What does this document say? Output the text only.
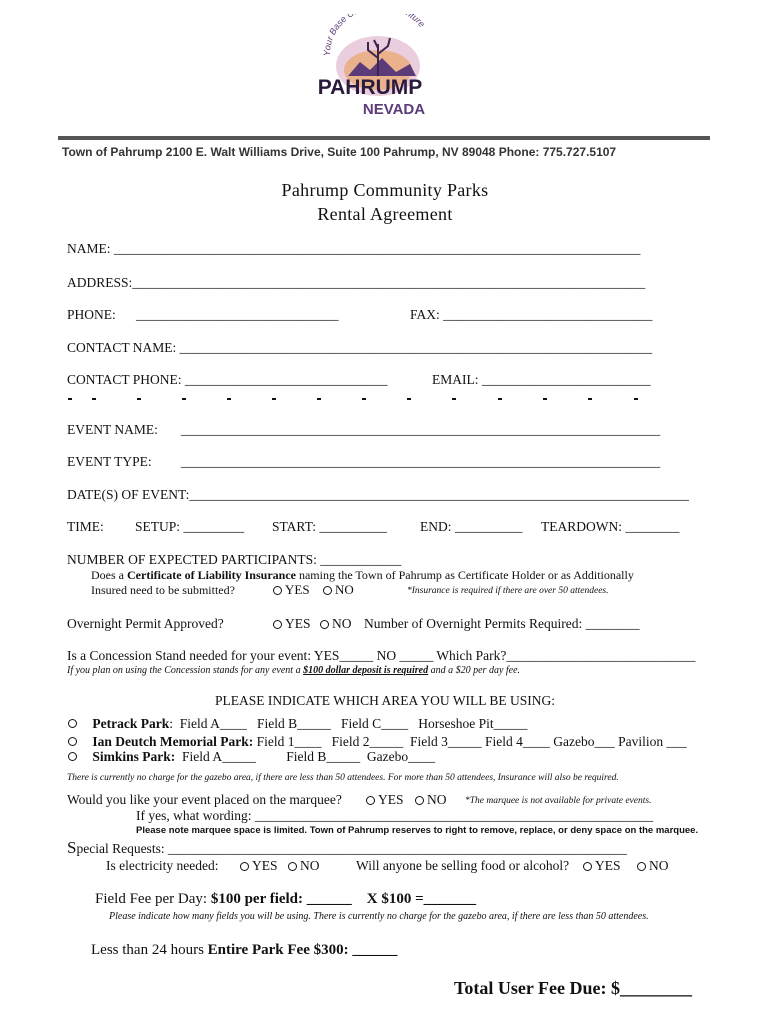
Your Base ture
PAHRUMP
NEVADA
Town of Pahrump 2100 E. Walt Williams Drive, Suite 100 Pahrump, NV 89048 Phone: 775.727.5107
Pahrump Community Parks
Rental Agreement
NAME: ______________________________________________________________________________
ADDRESS:____________________________________________________________________________
PHONE: ______________________________	FAX: _______________________________
CONTACT NAME: ______________________________________________________________________
CONTACT PHONE: ______________________________	EMAIL: _________________________
EVENT NAME: _______________________________________________________________________
EVENT TYPE: _______________________________________________________________________
DATE(S) OF EVENT:__________________________________________________________________________
TIME: SETUP: _________ START: __________ END: __________ TEARDOWN: ________
NUMBER OF EXPECTED PARTICIPANTS: ____________
Does a Certificate of Liability Insurance naming the Town of Pahrump as Certificate Holder or as Additionally
Insured need to be submitted?	YES	NO	*Insurance is required if there are over 50 attendees.
Overnight Permit Approved?	YES	NO Number of Overnight Permits Required: ________
Is a Concession Stand needed for your event: YES_____ NO _____ Which Park?____________________________
If you plan on using the Concession stands for any event a $100 dollar deposit is required and a $20 per day fee.
PLEASE INDICATE WHICH AREA YOU WILL BE USING:
Petrack Park:  Field A____   Field B_____   Field C____   Horseshoe Pit_____
Ian Deutch Memorial Park: Field 1____   Field 2_____  Field 3_____ Field 4____ Gazebo___ Pavilion ___
Simkins Park:  Field A_____         Field B_____  Gazebo____
There is currently no charge for the gazebo area, if there are less than 50 attendees. For more than 50 attendees, Insurance will also be required.
Would you like your event placed on the marquee?	YES	NO *The marquee is not available for private events.
If yes, what wording: ___________________________________________________________
Please note marquee space is limited. Town of Pahrump reserves to right to remove, replace, or deny space on the marquee.
Special Requests: ____________________________________________________________________
Is electricity needed:	YES	NO	Will anyone be selling food or alcohol?	YES	NO
Field Fee per Day: $100 per field: ______    X $100 =_______
Please indicate how many fields you will be using. There is currently no charge for the gazebo area, if there are less than 50 attendees.
Less than 24 hours Entire Park Fee $300: ______
Total User Fee Due: $________
